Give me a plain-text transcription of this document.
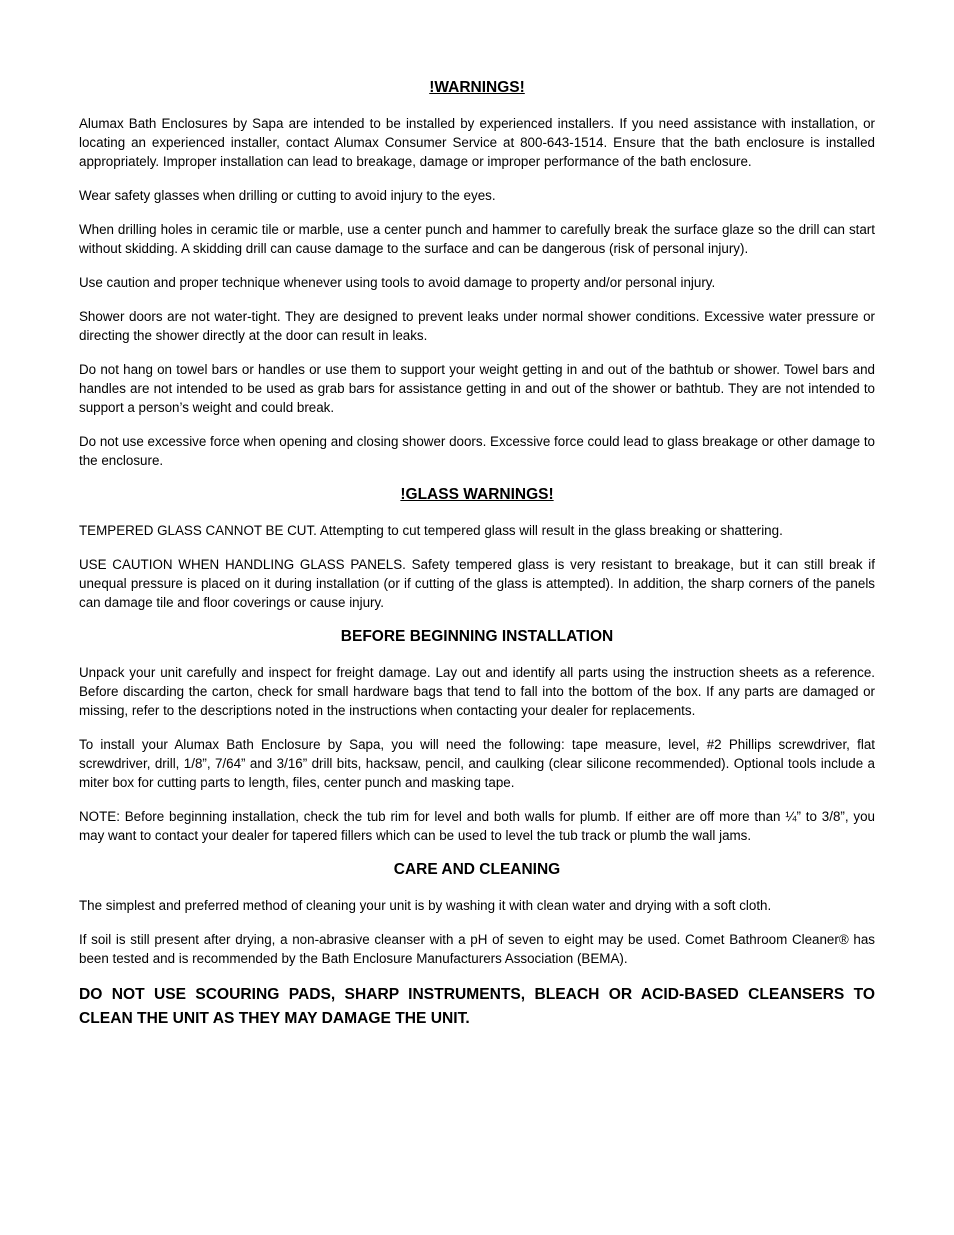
!WARNINGS!

Alumax Bath Enclosures by Sapa are intended to be installed by experienced installers. If you need assistance with installation, or locating an experienced installer, contact Alumax Consumer Service at 800-643-1514. Ensure that the bath enclosure is installed appropriately. Improper installation can lead to breakage, damage or improper performance of the bath enclosure.

Wear safety glasses when drilling or cutting to avoid injury to the eyes.

When drilling holes in ceramic tile or marble, use a center punch and hammer to carefully break the surface glaze so the drill can start without skidding. A skidding drill can cause damage to the surface and can be dangerous (risk of personal injury).

Use caution and proper technique whenever using tools to avoid damage to property and/or personal injury.

Shower doors are not water-tight. They are designed to prevent leaks under normal shower conditions. Excessive water pressure or directing the shower directly at the door can result in leaks.

Do not hang on towel bars or handles or use them to support your weight getting in and out of the bathtub or shower. Towel bars and handles are not intended to be used as grab bars for assistance getting in and out of the shower or bathtub. They are not intended to support a person’s weight and could break.

Do not use excessive force when opening and closing shower doors. Excessive force could lead to glass breakage or other damage to the enclosure.

!GLASS WARNINGS!

TEMPERED GLASS CANNOT BE CUT. Attempting to cut tempered glass will result in the glass breaking or shattering.

USE CAUTION WHEN HANDLING GLASS PANELS. Safety tempered glass is very resistant to breakage, but it can still break if unequal pressure is placed on it during installation (or if cutting of the glass is attempted). In addition, the sharp corners of the panels can damage tile and floor coverings or cause injury.

BEFORE BEGINNING INSTALLATION

Unpack your unit carefully and inspect for freight damage. Lay out and identify all parts using the instruction sheets as a reference. Before discarding the carton, check for small hardware bags that tend to fall into the bottom of the box. If any parts are damaged or missing, refer to the descriptions noted in the instructions when contacting your dealer for replacements.

To install your Alumax Bath Enclosure by Sapa, you will need the following: tape measure, level, #2 Phillips screwdriver, flat screwdriver, drill, 1/8”, 7/64” and 3/16” drill bits, hacksaw, pencil, and caulking (clear silicone recommended). Optional tools include a miter box for cutting parts to length, files, center punch and masking tape.

NOTE: Before beginning installation, check the tub rim for level and both walls for plumb. If either are off more than ¼” to 3/8”, you may want to contact your dealer for tapered fillers which can be used to level the tub track or plumb the wall jams.

CARE AND CLEANING

The simplest and preferred method of cleaning your unit is by washing it with clean water and drying with a soft cloth.

If soil is still present after drying, a non-abrasive cleanser with a pH of seven to eight may be used. Comet Bathroom Cleaner® has been tested and is recommended by the Bath Enclosure Manufacturers Association (BEMA).

DO NOT USE SCOURING PADS, SHARP INSTRUMENTS, BLEACH OR ACID-BASED CLEANSERS TO CLEAN THE UNIT AS THEY MAY DAMAGE THE UNIT.
